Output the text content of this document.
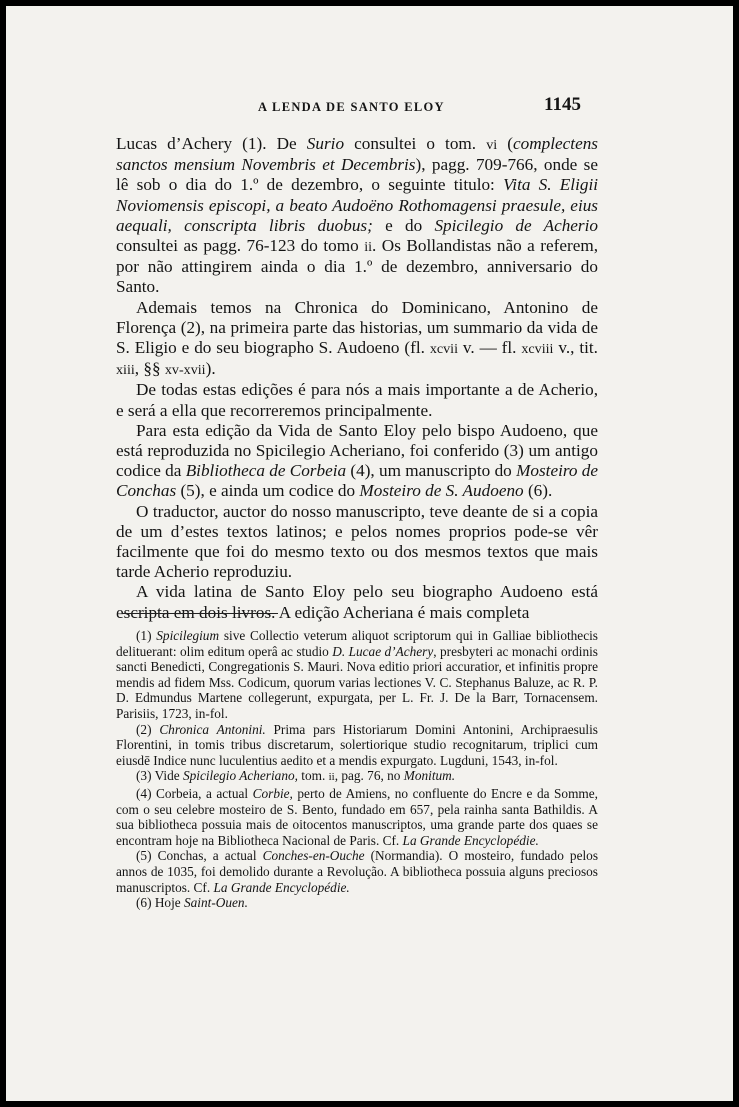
A LENDA DE SANTO ELOY	1145

Lucas d’Achery (1). De Surio consultei o tom. vi (complectens sanctos mensium Novembris et Decembris), pagg. 709-766, onde se lê sob o dia do 1.º de dezembro, o seguinte titulo: Vita S. Eligii Noviomensis episcopi, a beato Audoëno Rothomagensi praesule, eius aequali, conscripta libris duobus; e do Spicilegio de Acherio consultei as pagg. 76-123 do tomo ii. Os Bollandistas não a referem, por não attingirem ainda o dia 1.º de dezembro, anniversario do Santo.

Ademais temos na Chronica do Dominicano, Antonino de Florença (2), na primeira parte das historias, um summario da vida de S. Eligio e do seu biographo S. Audoeno (fl. xcvii v. — fl. xcviii v., tit. xiii, §§ xv-xvii).

De todas estas edições é para nós a mais importante a de Acherio, e será a ella que recorreremos principalmente.

Para esta edição da Vida de Santo Eloy pelo bispo Audoeno, que está reproduzida no Spicilegio Acheriano, foi conferido (3) um antigo codice da Bibliotheca de Corbeia (4), um manuscripto do Mosteiro de Conchas (5), e ainda um codice do Mosteiro de S. Audoeno (6).

O traductor, auctor do nosso manuscripto, teve deante de si a copia de um d’estes textos latinos; e pelos nomes proprios pode-se vêr facilmente que foi do mesmo texto ou dos mesmos textos que mais tarde Acherio reproduziu.

A vida latina de Santo Eloy pelo seu biographo Audoeno está escripta em dois livros. A edição Acheriana é mais completa

(1) Spicilegium sive Collectio veterum aliquot scriptorum qui in Galliae bibliothecis delituerant: olim editum operâ ac studio D. Lucae d’Achery, presbyteri ac monachi ordinis sancti Benedicti, Congregationis S. Mauri. Nova editio priori accuratior, et infinitis propre mendis ad fidem Mss. Codicum, quorum varias lectiones V. C. Stephanus Baluze, ac R. P. D. Edmundus Martene collegerunt, expurgata, per L. Fr. J. De la Barr, Tornacensem. Parisiis, 1723, in-fol.

(2) Chronica Antonini. Prima pars Historiarum Domini Antonini, Archipraesulis Florentini, in tomis tribus discretarum, solertiorique studio recognitarum, triplici cum eiusdē Indice nunc luculentius aedito et a mendis expurgato. Lugduni, 1543, in-fol.

(3) Vide Spicilegio Acheriano, tom. ii, pag. 76, no Monitum.

(4) Corbeia, a actual Corbie, perto de Amiens, no confluente do Encre e da Somme, com o seu celebre mosteiro de S. Bento, fundado em 657, pela rainha santa Bathildis. A sua bibliotheca possuia mais de oitocentos manuscriptos, uma grande parte dos quaes se encontram hoje na Bibliotheca Nacional de Paris. Cf. La Grande Encyclopédie.

(5) Conchas, a actual Conches-en-Ouche (Normandia). O mosteiro, fundado pelos annos de 1035, foi demolido durante a Revolução. A bibliotheca possuia alguns preciosos manuscriptos. Cf. La Grande Encyclopédie.

(6) Hoje Saint-Ouen.
